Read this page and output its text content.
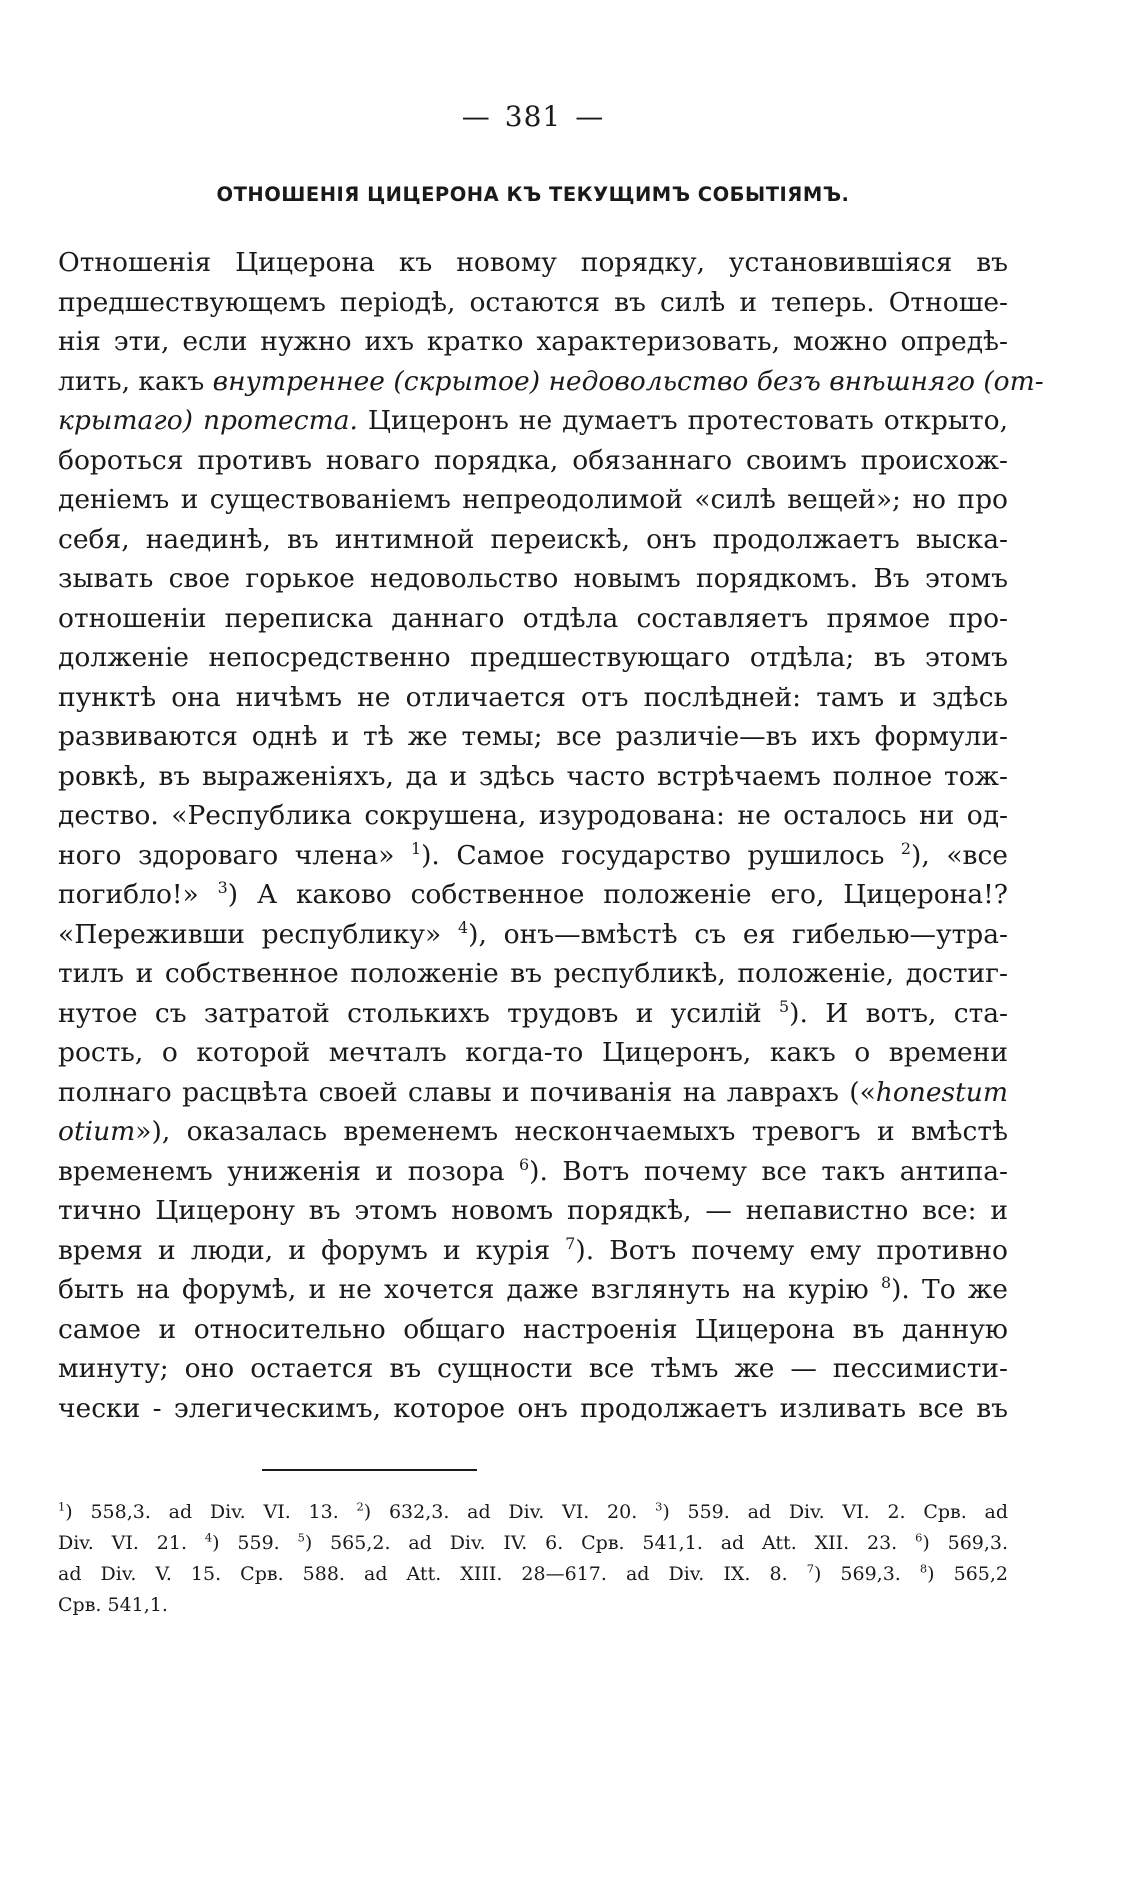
— 381 —
ОТНОШЕНІЯ ЦИЦЕРОНА КЪ ТЕКУЩИМЪ СОБЫТІЯМЪ.
Отношенія Цицерона къ новому порядку, установившіяся въ
предшествующемъ періодѣ, остаются въ силѣ и теперь. Отноше-
нія эти, если нужно ихъ кратко характеризовать, можно опредѣ-
лить, какъ внутреннее (скрытое) недовольство безъ внѣшняго (от-
крытаго) протеста. Цицеронъ не думаетъ протестовать открыто,
бороться противъ новаго порядка, обязаннаго своимъ происхож-
деніемъ и существованіемъ непреодолимой «силѣ вещей»; но про
себя, наединѣ, въ интимной переискѣ, онъ продолжаетъ выска-
зывать свое горькое недовольство новымъ порядкомъ. Въ этомъ
отношеніи переписка даннаго отдѣла составляетъ прямое про-
долженіе непосредственно предшествующаго отдѣла; въ этомъ
пунктѣ она ничѣмъ не отличается отъ послѣдней: тамъ и здѣсь
развиваются однѣ и тѣ же темы; все различіе—въ ихъ формули-
ровкѣ, въ выраженіяхъ, да и здѣсь часто встрѣчаемъ полное тож-
дество. «Республика сокрушена, изуродована: не осталось ни од-
ного здороваго члена» $^1$). Самое государство рушилось $^2$), «все
погибло!» $^3$) А каково собственное положеніе его, Цицерона!?
«Переживши республику» $^4$), онъ—вмѣстѣ съ ея гибелью—утра-
тилъ и собственное положеніе въ республикѣ, положеніе, достиг-
нутое съ затратой столькихъ трудовъ и усилій $^5$). И вотъ, ста-
рость, о которой мечталъ когда-то Цицеронъ, какъ о времени
полнаго расцвѣта своей славы и почиванія на лаврахъ («honestum
otium»), оказалась временемъ нескончаемыхъ тревогъ и вмѣстѣ
временемъ униженія и позора $^6$). Вотъ почему все такъ антипа-
тично Цицерону въ этомъ новомъ порядкѣ, — непавистно все: и
время и люди, и форумъ и курія $^7$). Вотъ почему ему противно
быть на форумѣ, и не хочется даже взглянуть на курію $^8$). То же
самое и относительно общаго настроенія Цицерона въ данную
минуту; оно остается въ сущности все тѣмъ же — пессимисти-
чески - элегическимъ, которое онъ продолжаетъ изливать все въ
$^1$) 558,3. ad Div. VI. 13. $^2$) 632,3. ad Div. VI. 20. $^3$) 559. ad Div. VI. 2. Срв. ad
Div. VI. 21. $^4$) 559. $^5$) 565,2. ad Div. IV. 6. Срв. 541,1. ad Att. XII. 23. $^6$) 569,3.
ad Div. V. 15. Срв. 588. ad Att. XIII. 28—617. ad Div. IX. 8. $^7$) 569,3. $^8$) 565,2
Срв. 541,1.
